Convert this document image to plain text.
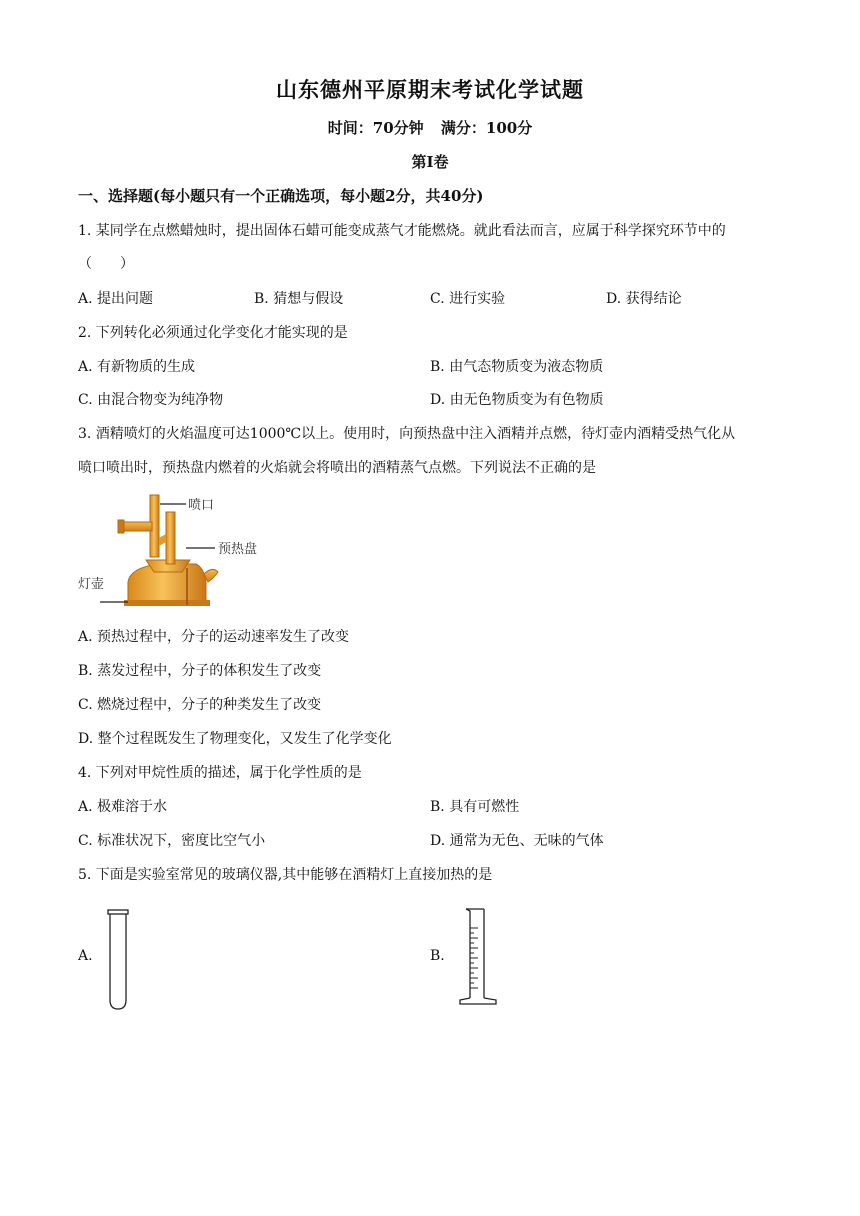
山东德州平原期末考试化学试题
时间：70分钟 满分：100分
第Ⅰ卷
一、选择题(每小题只有一个正确选项，每小题2分，共40分)
1. 某同学在点燃蜡烛时，提出固体石蜡可能变成蒸气才能燃烧。就此看法而言，应属于科学探究环节中的
（　　）
A. 提出问题	B. 猜想与假设	C. 进行实验	D. 获得结论
2. 下列转化必须通过化学变化才能实现的是
A. 有新物质的生成	B. 由气态物质变为液态物质
C. 由混合物变为纯净物	D. 由无色物质变为有色物质
3. 酒精喷灯的火焰温度可达1000℃以上。使用时，向预热盘中注入酒精并点燃，待灯壶内酒精受热气化从
喷口喷出时，预热盘内燃着的火焰就会将喷出的酒精蒸气点燃。下列说法不正确的是
喷口
预热盘
灯壶
A. 预热过程中，分子的运动速率发生了改变
B. 蒸发过程中，分子的体积发生了改变
C. 燃烧过程中，分子的种类发生了改变
D. 整个过程既发生了物理变化，又发生了化学变化
4. 下列对甲烷性质的描述，属于化学性质的是
A. 极难溶于水	B. 具有可燃性
C. 标准状况下，密度比空气小	D. 通常为无色、无味的气体
5. 下面是实验室常见的玻璃仪器,其中能够在酒精灯上直接加热的是
A.	B.
